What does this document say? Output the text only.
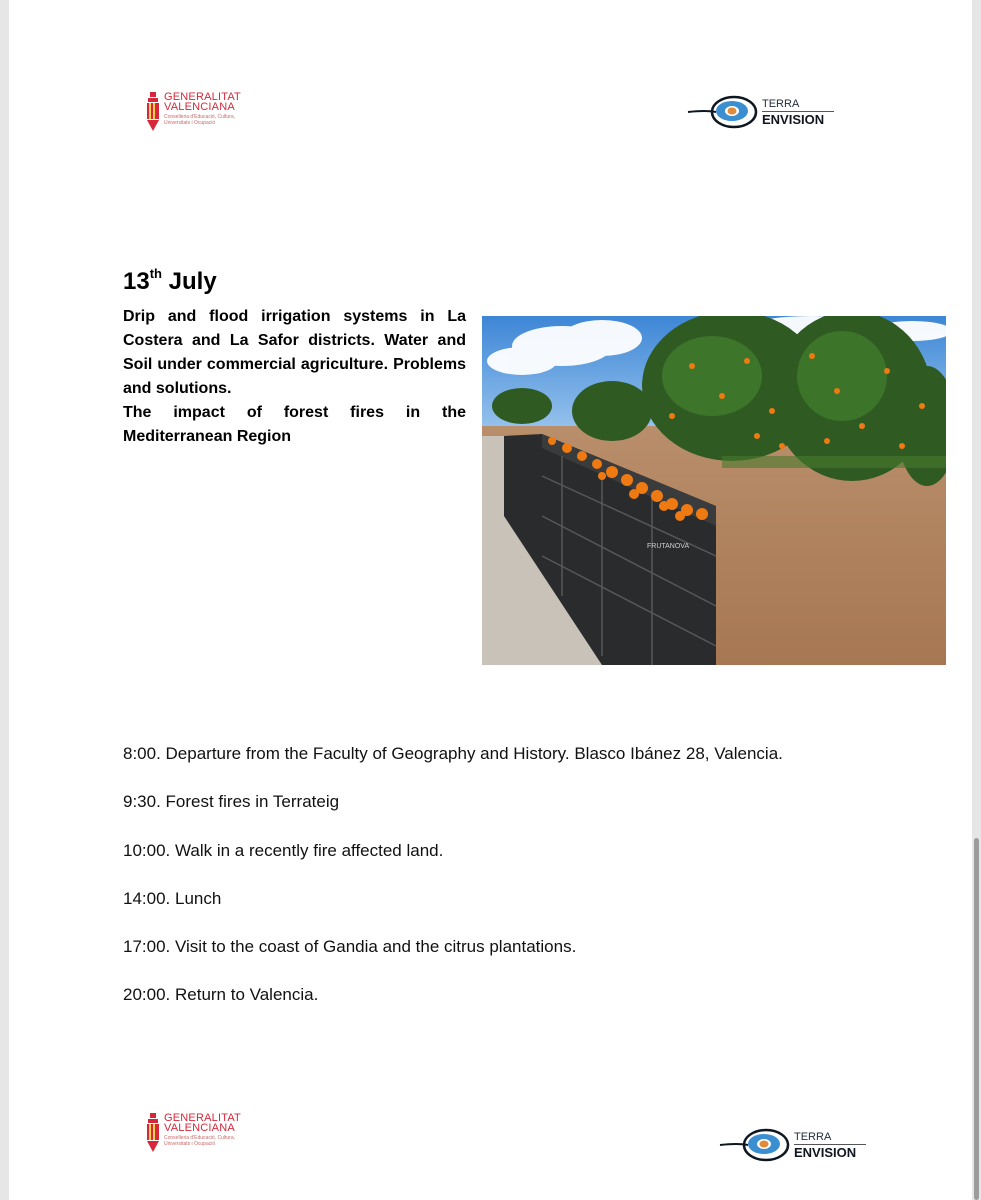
GENERALITAT
VALENCIANA
Conselleria d'Educació, Cultura, Universitats i Ocupació
TERRA
ENVISION
13th July

Drip and flood irrigation systems in La Costera and La Safor districts. Water and Soil under commercial agriculture. Problems and solutions.

The impact of forest fires in the Mediterranean Region

FRUTANOVA
8:00. Departure from the Faculty of Geography and History. Blasco Ibánez 28, Valencia.
9:30. Forest fires in Terrateig
10:00. Walk in a recently fire affected land.
14:00. Lunch
17:00. Visit to the coast of Gandia and the citrus plantations.
20:00. Return to Valencia.
GENERALITAT
VALENCIANA
Conselleria d'Educació, Cultura, Universitats i Ocupació
TERRA
ENVISION
